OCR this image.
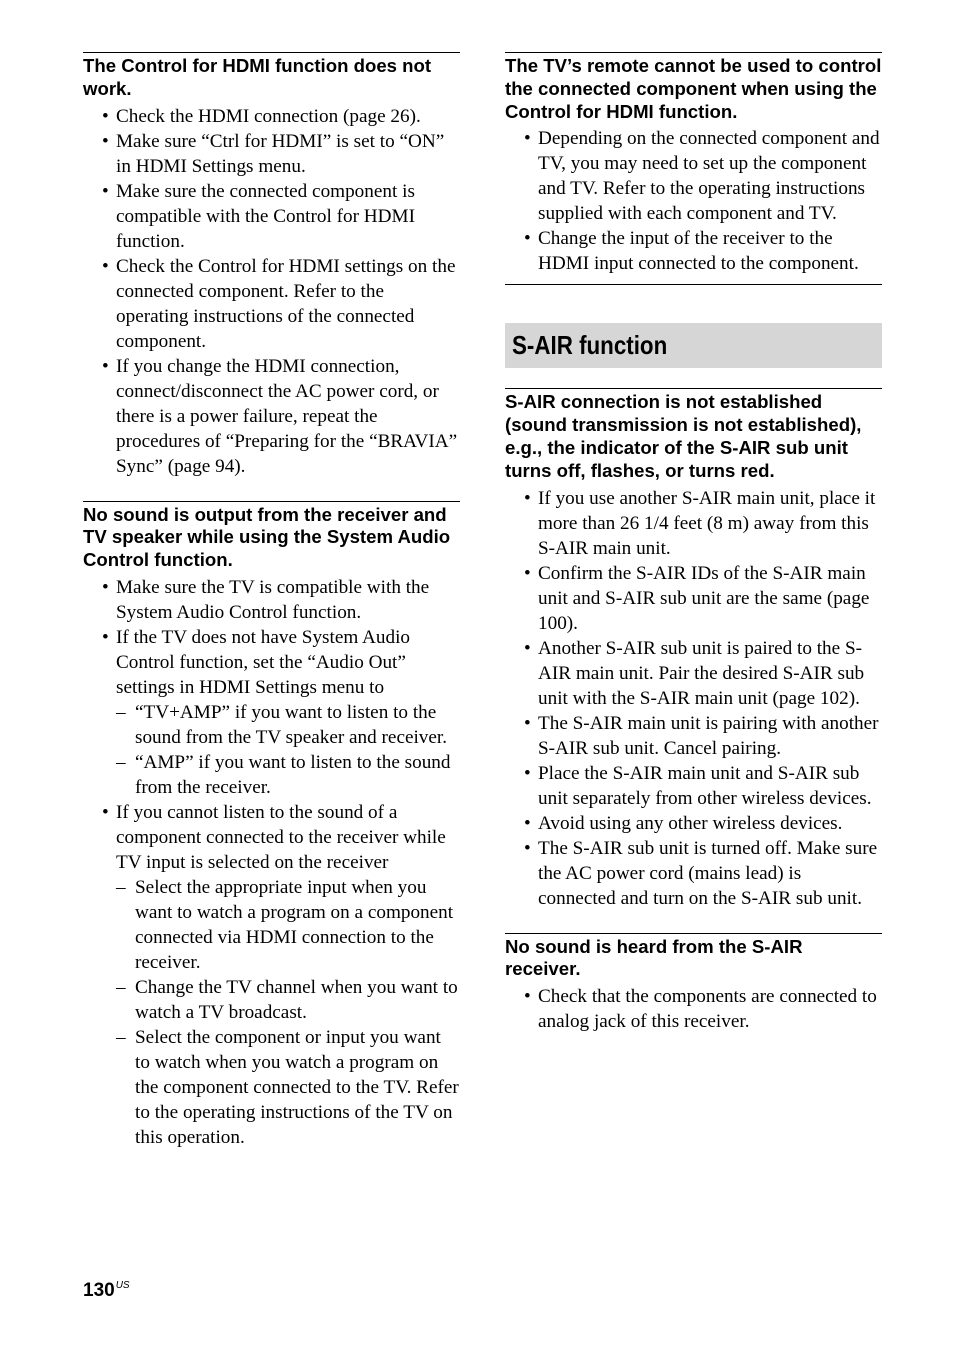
The Control for HDMI function does not work.
• Check the HDMI connection (page 26).
• Make sure “Ctrl for HDMI” is set to “ON” in HDMI Settings menu.
• Make sure the connected component is compatible with the Control for HDMI function.
• Check the Control for HDMI settings on the connected component. Refer to the operating instructions of the connected component.
• If you change the HDMI connection, connect/disconnect the AC power cord, or there is a power failure, repeat the procedures of “Preparing for the “BRAVIA” Sync” (page 94).
No sound is output from the receiver and TV speaker while using the System Audio Control function.
• Make sure the TV is compatible with the System Audio Control function.
• If the TV does not have System Audio Control function, set the “Audio Out” settings in HDMI Settings menu to
– “TV+AMP” if you want to listen to the sound from the TV speaker and receiver.
– “AMP” if you want to listen to the sound from the receiver.
• If you cannot listen to the sound of a component connected to the receiver while TV input is selected on the receiver
– Select the appropriate input when you want to watch a program on a component connected via HDMI connection to the receiver.
– Change the TV channel when you want to watch a TV broadcast.
– Select the component or input you want to watch when you watch a program on the component connected to the TV. Refer to the operating instructions of the TV on this operation.
The TV’s remote cannot be used to control the connected component when using the Control for HDMI function.
• Depending on the connected component and TV, you may need to set up the component and TV. Refer to the operating instructions supplied with each component and TV.
• Change the input of the receiver to the HDMI input connected to the component.
S-AIR function
S-AIR connection is not established (sound transmission is not established), e.g., the indicator of the S-AIR sub unit turns off, flashes, or turns red.
• If you use another S-AIR main unit, place it more than 26 1/4 feet (8 m) away from this S-AIR main unit.
• Confirm the S-AIR IDs of the S-AIR main unit and S-AIR sub unit are the same (page 100).
• Another S-AIR sub unit is paired to the S-AIR main unit. Pair the desired S-AIR sub unit with the S-AIR main unit (page 102).
• The S-AIR main unit is pairing with another S-AIR sub unit. Cancel pairing.
• Place the S-AIR main unit and S-AIR sub unit separately from other wireless devices.
• Avoid using any other wireless devices.
• The S-AIR sub unit is turned off. Make sure the AC power cord (mains lead) is connected and turn on the S-AIR sub unit.
No sound is heard from the S-AIR receiver.
• Check that the components are connected to analog jack of this receiver.
$130^{US}$
